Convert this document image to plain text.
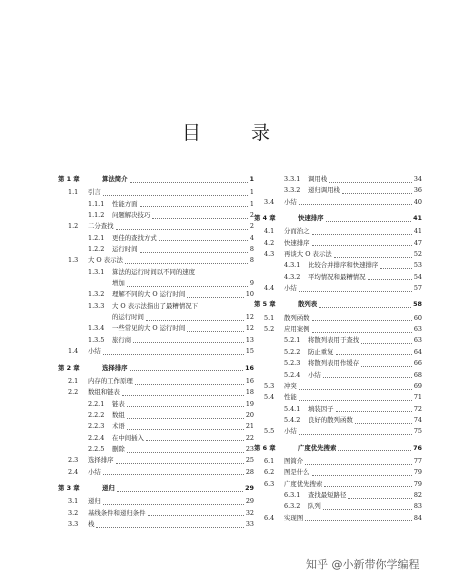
目 录
第 1 章	算法简介	1
1.1	引言	1
1.1.1	性能方面	1
1.1.2	问题解决技巧	2
1.2	二分查找	2
1.2.1	更佳的查找方式	4
1.2.2	运行时间	8
1.3	大 O 表示法	8
1.3.1	算法的运行时间以不同的速度
增加	9
1.3.2	理解不同的大 O 运行时间	10
1.3.3	大 O 表示法指出了最糟情况下
的运行时间	12
1.3.4	一些常见的大 O 运行时间	12
1.3.5	旅行商	13
1.4	小结	15
第 2 章	选择排序	16
2.1	内存的工作原理	16
2.2	数组和链表	18
2.2.1	链表	19
2.2.2	数组	20
2.2.3	术语	21
2.2.4	在中间插入	22
2.2.5	删除	23
2.3	选择排序	25
2.4	小结	28
第 3 章	递归	29
3.1	递归	29
3.2	基线条件和递归条件	32
3.3	栈	33
3.3.1	调用栈	34
3.3.2	递归调用栈	36
3.4	小结	40
第 4 章	快速排序	41
4.1	分而治之	41
4.2	快速排序	47
4.3	再谈大 O 表示法	52
4.3.1	比较合并排序和快速排序	53
4.3.2	平均情况和最糟情况	54
4.4	小结	57
第 5 章	散列表	58
5.1	散列函数	60
5.2	应用案例	63
5.2.1	将散列表用于查找	63
5.2.2	防止重复	64
5.2.3	将散列表用作缓存	66
5.2.4	小结	68
5.3	冲突	69
5.4	性能	71
5.4.1	填装因子	72
5.4.2	良好的散列函数	74
5.5	小结	75
第 6 章	广度优先搜索	76
6.1	图简介	77
6.2	图是什么	79
6.3	广度优先搜索	79
6.3.1	查找最短路径	82
6.3.2	队列	83
6.4	实现图	84
知乎 @小新带你学编程
